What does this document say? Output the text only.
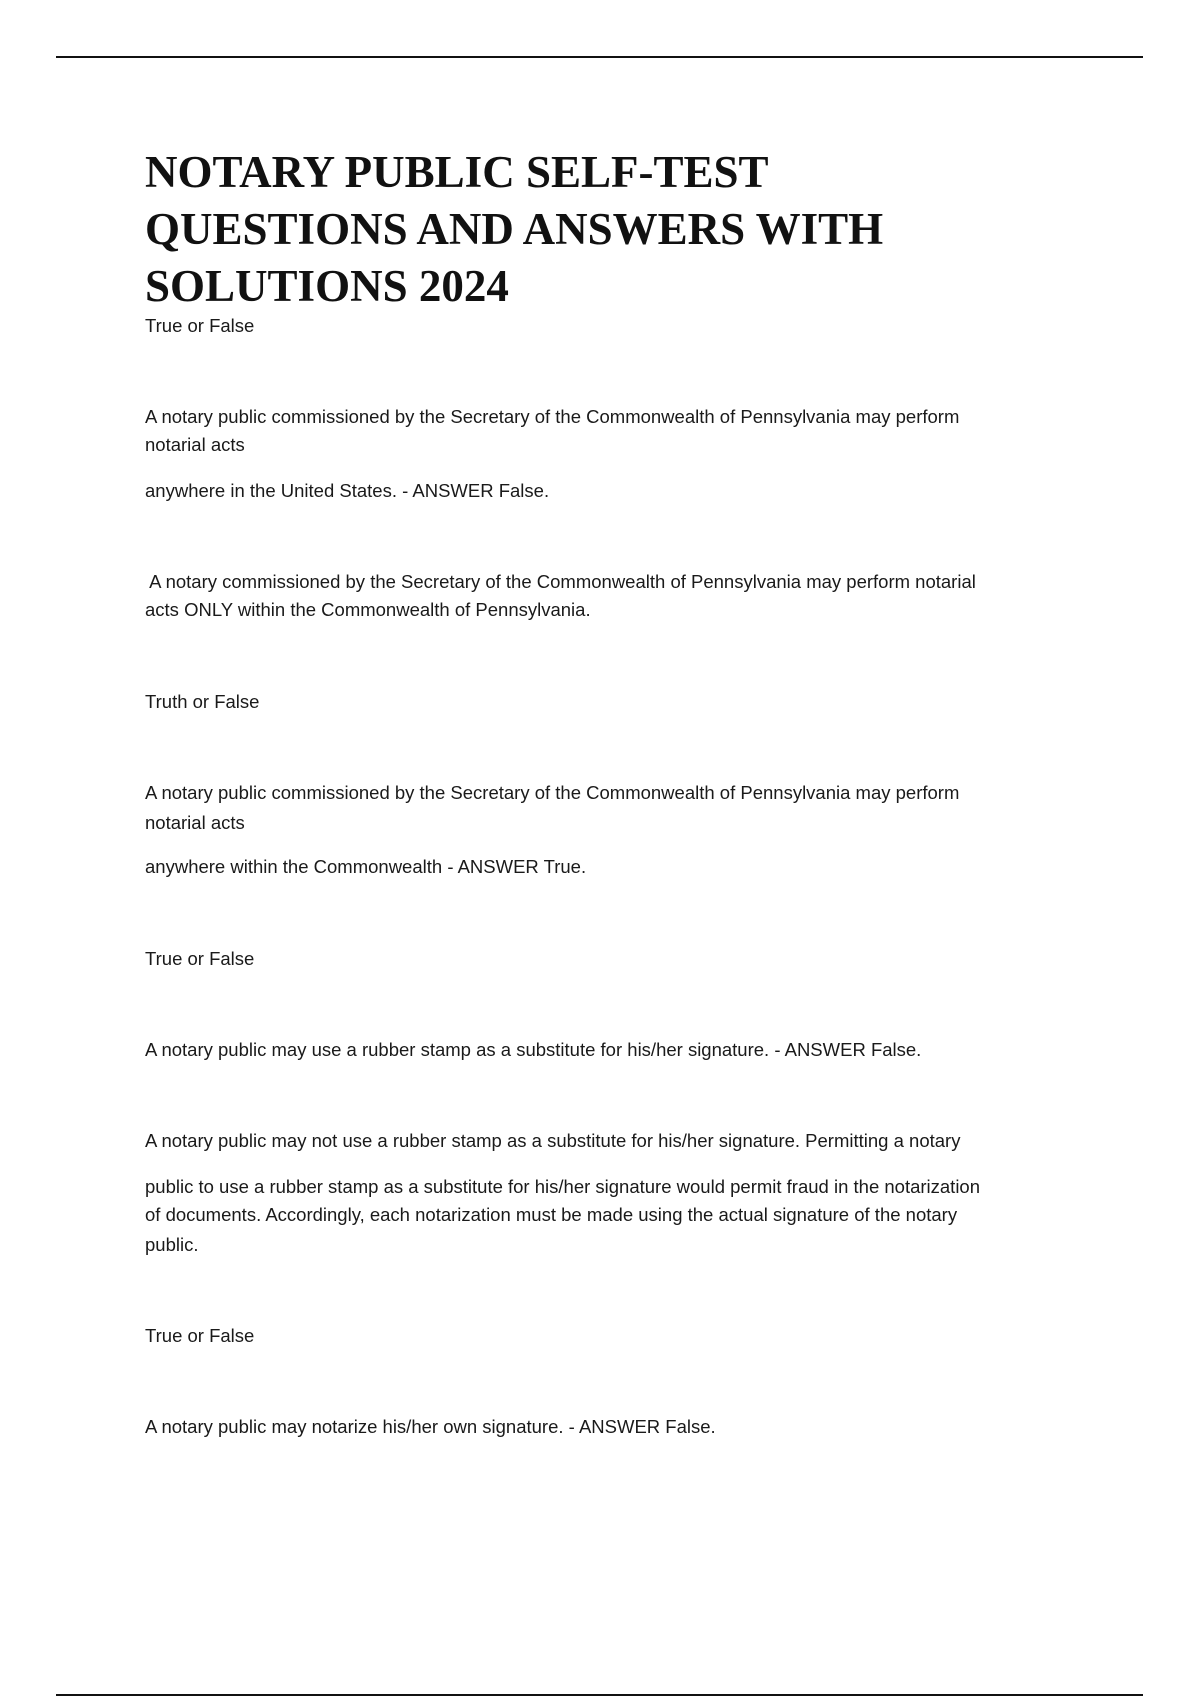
NOTARY PUBLIC SELF-TEST
QUESTIONS AND ANSWERS WITH
SOLUTIONS 2024

True or False

A notary public commissioned by the Secretary of the Commonwealth of Pennsylvania may perform

notarial acts

anywhere in the United States. - ANSWER False.

A notary commissioned by the Secretary of the Commonwealth of Pennsylvania may perform notarial

acts ONLY within the Commonwealth of Pennsylvania.

Truth or False

A notary public commissioned by the Secretary of the Commonwealth of Pennsylvania may perform

notarial acts

anywhere within the Commonwealth - ANSWER True.

True or False

A notary public may use a rubber stamp as a substitute for his/her signature. - ANSWER False.

A notary public may not use a rubber stamp as a substitute for his/her signature. Permitting a notary

public to use a rubber stamp as a substitute for his/her signature would permit fraud in the notarization

of documents. Accordingly, each notarization must be made using the actual signature of the notary

public.

True or False

A notary public may notarize his/her own signature. - ANSWER False.
